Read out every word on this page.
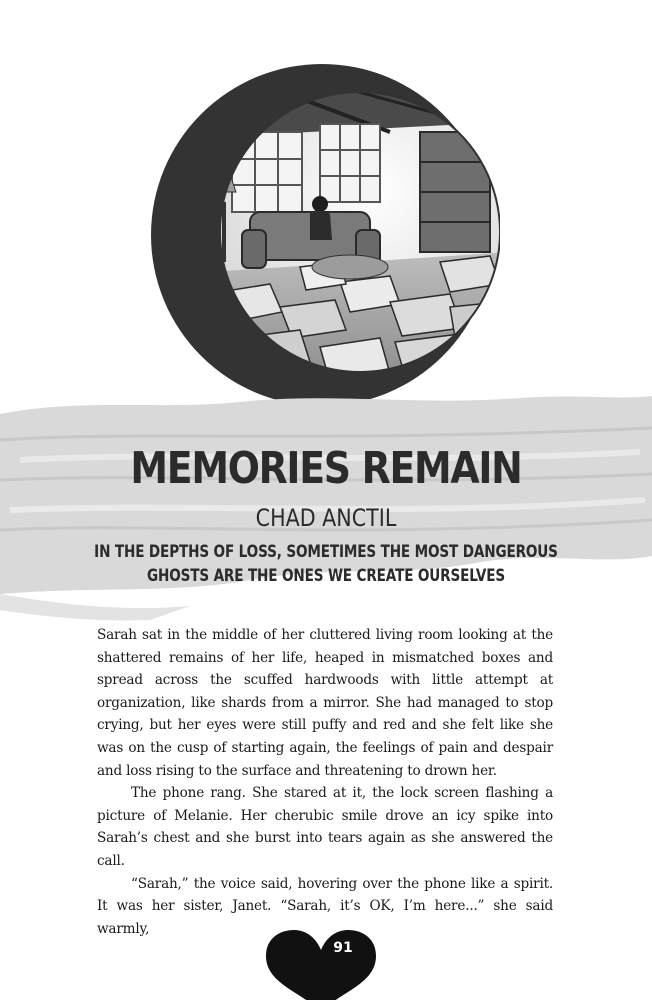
MEMORIES REMAIN
CHAD ANCTIL
IN THE DEPTHS OF LOSS, SOMETIMES THE MOST DANGEROUS
GHOSTS ARE THE ONES WE CREATE OURSELVES

Sarah sat in the middle of her cluttered living room looking at the shattered remains of her life, heaped in mismatched boxes and spread across the scuffed hardwoods with little attempt at organization, like shards from a mirror. She had managed to stop crying, but her eyes were still puffy and red and she felt like she was on the cusp of starting again, the feelings of pain and despair and loss rising to the surface and threatening to drown her.

The phone rang. She stared at it, the lock screen flashing a picture of Melanie. Her cherubic smile drove an icy spike into Sarah’s chest and she burst into tears again as she answered the call.

“Sarah,” the voice said, hovering over the phone like a spirit. It was her sister, Janet. “Sarah, it’s OK, I’m here...” she said warmly,

91
